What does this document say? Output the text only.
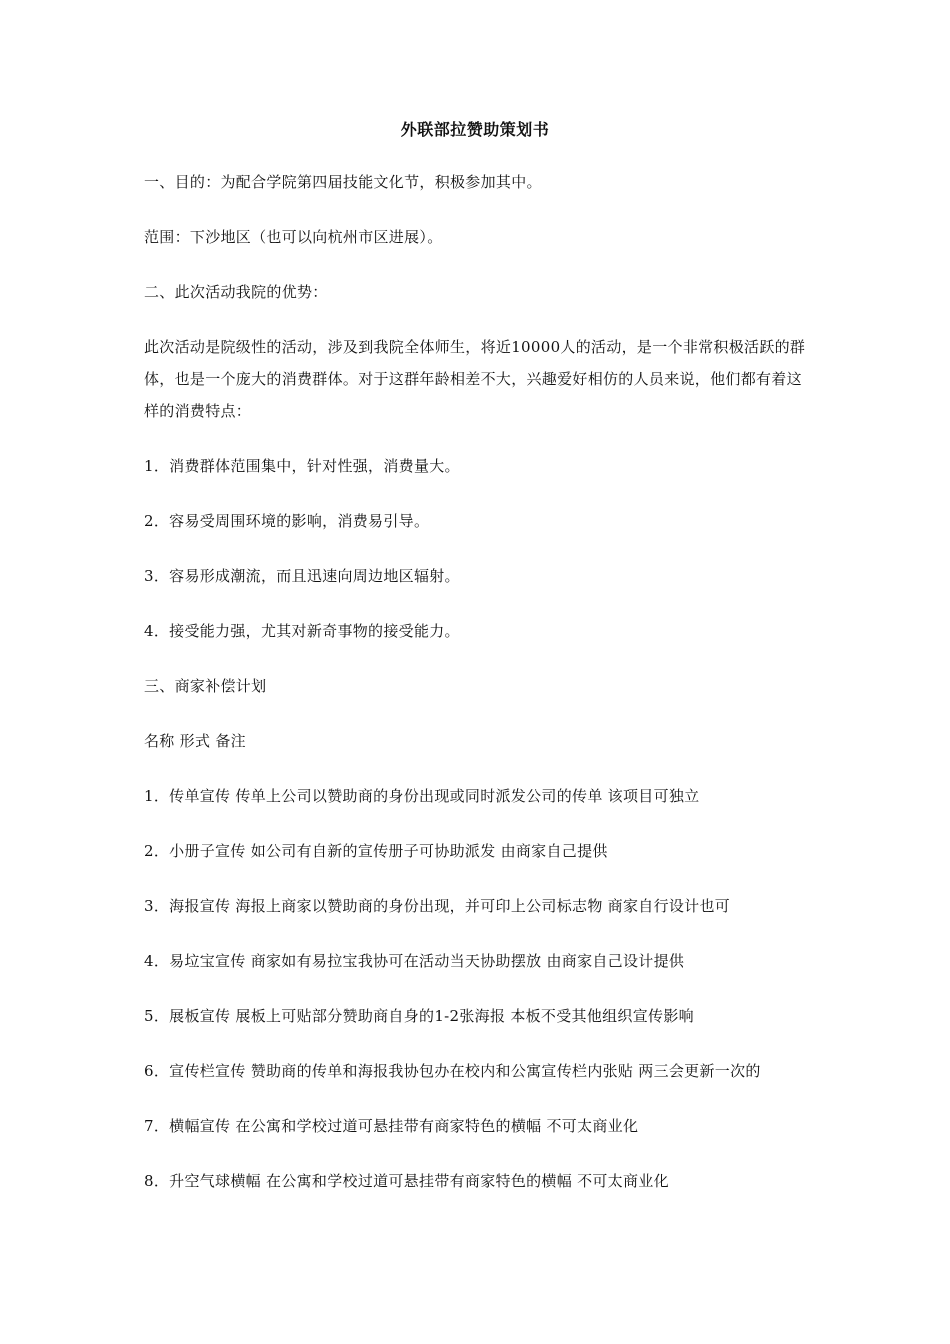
外联部拉赞助策划书

一、目的：为配合学院第四届技能文化节，积极参加其中。

范围：下沙地区（也可以向杭州市区进展）。

二、此次活动我院的优势：

此次活动是院级性的活动，涉及到我院全体师生，将近10000人的活动，是一个非常积极活跃的群体，也是一个庞大的消费群体。对于这群年龄相差不大，兴趣爱好相仿的人员来说，他们都有着这样的消费特点：

1．消费群体范围集中，针对性强，消费量大。

2．容易受周围环境的影响，消费易引导。

3．容易形成潮流，而且迅速向周边地区辐射。

4．接受能力强，尤其对新奇事物的接受能力。

三、商家补偿计划

名称 形式 备注

1．传单宣传 传单上公司以赞助商的身份出现或同时派发公司的传单 该项目可独立

2．小册子宣传 如公司有自新的宣传册子可协助派发 由商家自己提供

3．海报宣传 海报上商家以赞助商的身份出现，并可印上公司标志物 商家自行设计也可

4．易垃宝宣传 商家如有易拉宝我协可在活动当天协助摆放 由商家自己设计提供

5．展板宣传 展板上可贴部分赞助商自身的1-2张海报 本板不受其他组织宣传影响

6．宣传栏宣传 赞助商的传单和海报我协包办在校内和公寓宣传栏内张贴 两三会更新一次的

7．横幅宣传 在公寓和学校过道可悬挂带有商家特色的横幅 不可太商业化

8．升空气球横幅 在公寓和学校过道可悬挂带有商家特色的横幅 不可太商业化
